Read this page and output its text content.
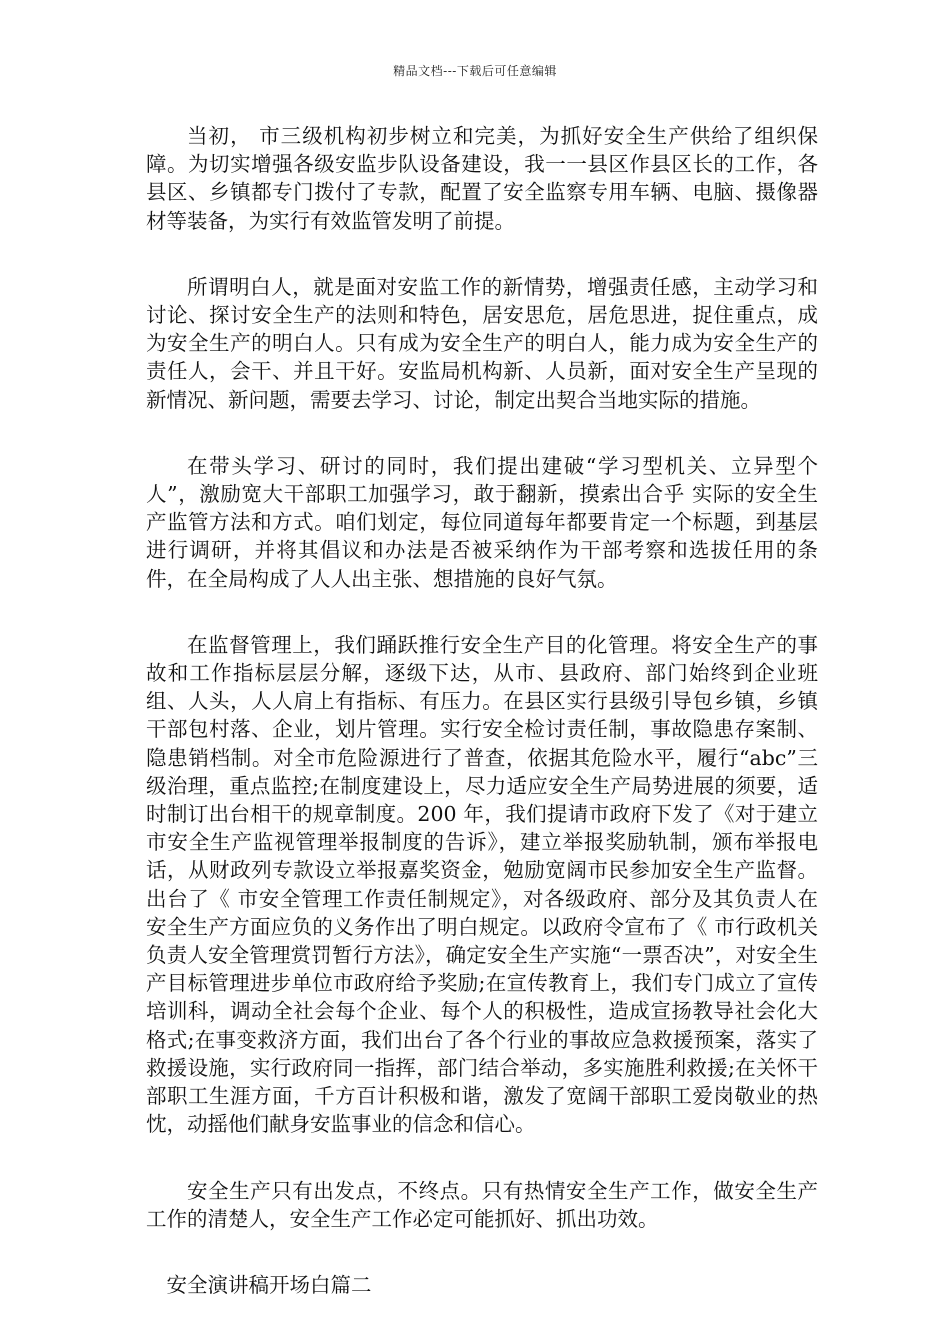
精品文档---下载后可任意编辑

当初， 市三级机构初步树立和完美，为抓好安全生产供给了组织保障。为切实增强各级安监步队设备建设，我一一县区作县区长的工作，各县区、乡镇都专门拨付了专款，配置了安全监察专用车辆、电脑、摄像器材等装备，为实行有效监管发明了前提。

所谓明白人，就是面对安监工作的新情势，增强责任感，主动学习和讨论、探讨安全生产的法则和特色，居安思危，居危思进，捉住重点，成为安全生产的明白人。只有成为安全生产的明白人，能力成为安全生产的责任人，会干、并且干好。安监局机构新、人员新，面对安全生产呈现的新情况、新问题，需要去学习、讨论，制定出契合当地实际的措施。

在带头学习、研讨的同时，我们提出建破“学习型机关、立异型个人”，激励宽大干部职工加强学习，敢于翻新，摸索出合乎 实际的安全生产监管方法和方式。咱们划定，每位同道每年都要肯定一个标题，到基层进行调研，并将其倡议和办法是否被采纳作为干部考察和选拔任用的条件，在全局构成了人人出主张、想措施的良好气氛。

在监督管理上，我们踊跃推行安全生产目的化管理。将安全生产的事故和工作指标层层分解，逐级下达，从市、县政府、部门始终到企业班组、人头，人人肩上有指标、有压力。在县区实行县级引导包乡镇，乡镇干部包村落、企业，划片管理。实行安全检讨责任制，事故隐患存案制、隐患销档制。对全市危险源进行了普查，依据其危险水平，履行“abc”三级治理，重点监控;在制度建设上，尽力适应安全生产局势进展的须要，适时制订出台相干的规章制度。200 年，我们提请市政府下发了《对于建立 市安全生产监视管理举报制度的告诉》，建立举报奖励轨制，颁布举报电话，从财政列专款设立举报嘉奖资金，勉励宽阔市民参加安全生产监督。出台了《 市安全管理工作责任制规定》，对各级政府、部分及其负责人在安全生产方面应负的义务作出了明白规定。以政府令宣布了《 市行政机关负责人安全管理赏罚暂行方法》，确定安全生产实施“一票否决”，对安全生产目标管理进步单位市政府给予奖励;在宣传教育上，我们专门成立了宣传培训科，调动全社会每个企业、每个人的积极性，造成宣扬教导社会化大格式;在事变救济方面，我们出台了各个行业的事故应急救援预案，落实了救援设施，实行政府同一指挥，部门结合举动，多实施胜利救援;在关怀干部职工生涯方面，千方百计积极和谐，激发了宽阔干部职工爱岗敬业的热忱，动摇他们献身安监事业的信念和信心。

安全生产只有出发点，不终点。只有热情安全生产工作，做安全生产工作的清楚人，安全生产工作必定可能抓好、抓出功效。

安全演讲稿开场白篇二
